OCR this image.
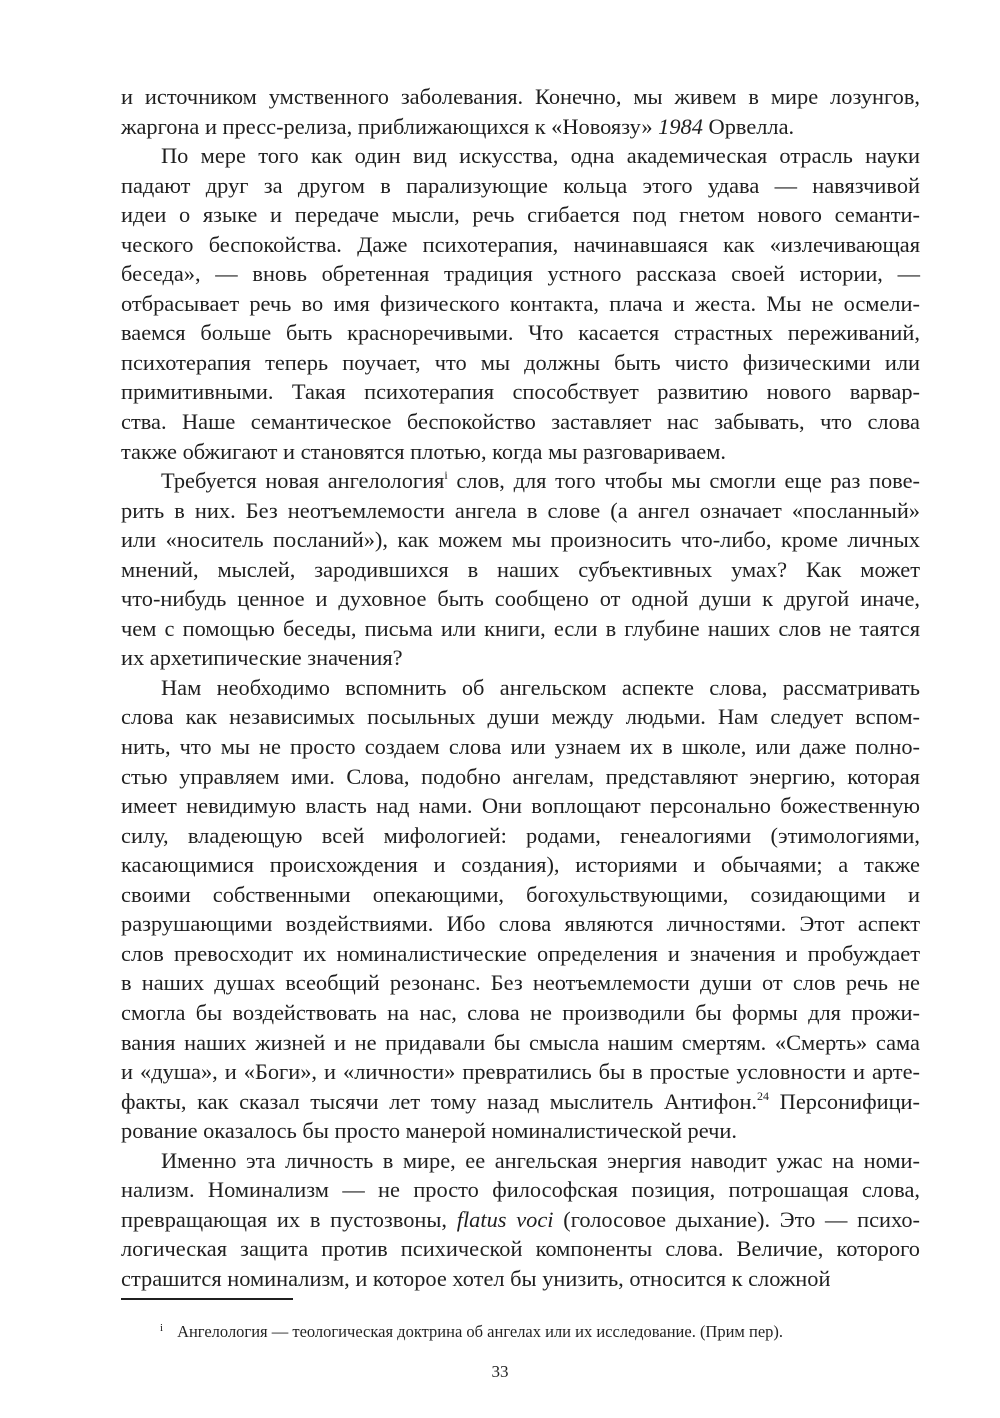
и источником умственного заболевания. Конечно, мы живем в мире лозунгов,
жаргона и пресс-релиза, приближающихся к «Новоязу» 1984 Орвелла.
По мере того как один вид искусства, одна академическая отрасль науки
падают друг за другом в парализующие кольца этого удава — навязчивой
идеи о языке и передаче мысли, речь сгибается под гнетом нового семанти-
ческого беспокойства. Даже психотерапия, начинавшаяся как «излечивающая
беседа», — вновь обретенная традиция устного рассказа своей истории, —
отбрасывает речь во имя физического контакта, плача и жеста. Мы не осмели-
ваемся больше быть красноречивыми. Что касается страстных переживаний,
психотерапия теперь поучает, что мы должны быть чисто физическими или
примитивными. Такая психотерапия способствует развитию нового варвар-
ства. Наше семантическое беспокойство заставляет нас забывать, что слова
также обжигают и становятся плотью, когда мы разговариваем.
Требуется новая ангелология$^i$ слов, для того чтобы мы смогли еще раз пове-
рить в них. Без неотъемлемости ангела в слове (а ангел означает «посланный»
или «носитель посланий»), как можем мы произносить что-либо, кроме личных
мнений, мыслей, зародившихся в наших субъективных умах? Как может
что-нибудь ценное и духовное быть сообщено от одной души к другой иначе,
чем с помощью беседы, письма или книги, если в глубине наших слов не таятся
их архетипические значения?
Нам необходимо вспомнить об ангельском аспекте слова, рассматривать
слова как независимых посыльных души между людьми. Нам следует вспом-
нить, что мы не просто создаем слова или узнаем их в школе, или даже полно-
стью управляем ими. Слова, подобно ангелам, представляют энергию, которая
имеет невидимую власть над нами. Они воплощают персонально божественную
силу, владеющую всей мифологией: родами, генеалогиями (этимологиями,
касающимися происхождения и создания), историями и обычаями; а также
своими собственными опекающими, богохульствующими, созидающими и
разрушающими воздействиями. Ибо слова являются личностями. Этот аспект
слов превосходит их номиналистические определения и значения и пробуждает
в наших душах всеобщий резонанс. Без неотъемлемости души от слов речь не
смогла бы воздействовать на нас, слова не производили бы формы для прожи-
вания наших жизней и не придавали бы смысла нашим смертям. «Смерть» сама
и «душа», и «Боги», и «личности» превратились бы в простые условности и арте-
факты, как сказал тысячи лет тому назад мыслитель Антифон.$^{24}$ Персонифици-
рование оказалось бы просто манерой номиналистической речи.
Именно эта личность в мире, ее ангельская энергия наводит ужас на номи-
нализм. Номинализм — не просто философская позиция, потрошащая слова,
превращающая их в пустозвоны, flatus voci (голосовое дыхание). Это — психо-
логическая защита против психической компоненты слова. Величие, которого
страшится номинализм, и которое хотел бы унизить, относится к сложной
$^i$ Ангелология — теологическая доктрина об ангелах или их исследование. (Прим пер).
33
